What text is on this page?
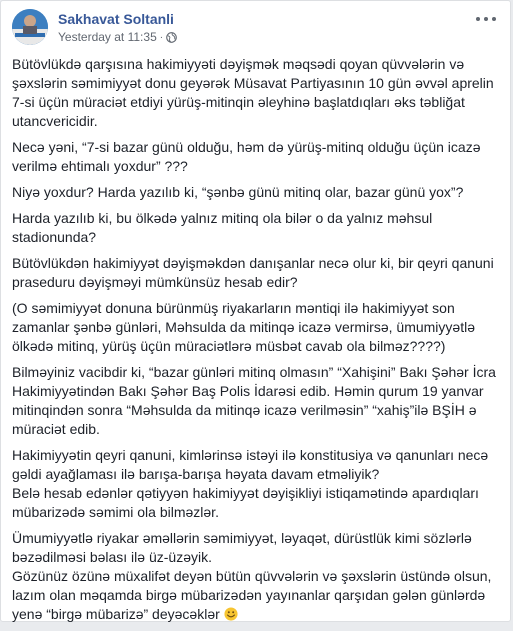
Sakhavat Soltanli
Yesterday at 11:35 ·

Bütövlükdə qarşısına hakimiyyəti dəyişmək məqsədi qoyan qüvvələrin və şəxslərin səmimiyyət donu geyərək Müsavat Partiyasının 10 gün əvvəl aprelin 7-si üçün müraciət etdiyi yürüş-mitinqin əleyhinə başlatdıqları əks təbliğat utancvericidir.

Necə yəni, “7-si bazar günü olduğu, həm də yürüş-mitinq olduğu üçün icazə verilmə ehtimalı yoxdur” ???

Niyə yoxdur? Harda yazılıb ki, “şənbə günü mitinq olar, bazar günü yox”?

Harda yazılıb ki, bu ölkədə yalnız mitinq ola bilər o da yalnız məhsul stadionunda?

Bütövlükdən hakimiyyət dəyişməkdən danışanlar necə olur ki, bir qeyri qanuni praseduru dəyişməyi mümkünsüz hesab edir?

(O səmimiyyət donuna bürünmüş riyakarların məntiqi ilə hakimiyyət son zamanlar şənbə günləri, Məhsulda da mitinqə icazə vermirsə, ümumiyyətlə ölkədə mitinq, yürüş üçün müraciətlərə müsbət cavab ola bilməz????)

Bilməyiniz vacibdir ki, “bazar günləri mitinq olmasın” “Xahişini” Bakı Şəhər İcra Hakimiyyətindən Bakı Şəhər Baş Polis İdarəsi edib. Həmin qurum 19 yanvar mitinqindən sonra “Məhsulda da mitinqə icazə verilməsin” “xahiş”ilə BŞİH ə müraciət edib.

Hakimiyyətin qeyri qanuni, kimlərinsə istəyi ilə konstitusiya və qanunları necə gəldi ayağlaması ilə barışa-barışa həyata davam etməliyik?
Belə hesab edənlər qətiyyən hakimiyyət dəyişikliyi istiqamətində apardıqları mübarizədə səmimi ola bilməzlər.

Ümumiyyətlə riyakar əməllərin səmimiyyət, ləyaqət, dürüstlük kimi sözlərlə bəzədilməsi bəlası ilə üz-üzəyik.
Gözünüz özünə müxalifət deyən bütün qüvvələrin və şəxslərin üstündə olsun, lazım olan məqamda birgə mübarizədən yayınanlar qarşıdan gələn günlərdə yenə “birgə mübarizə” deyəcəklər
